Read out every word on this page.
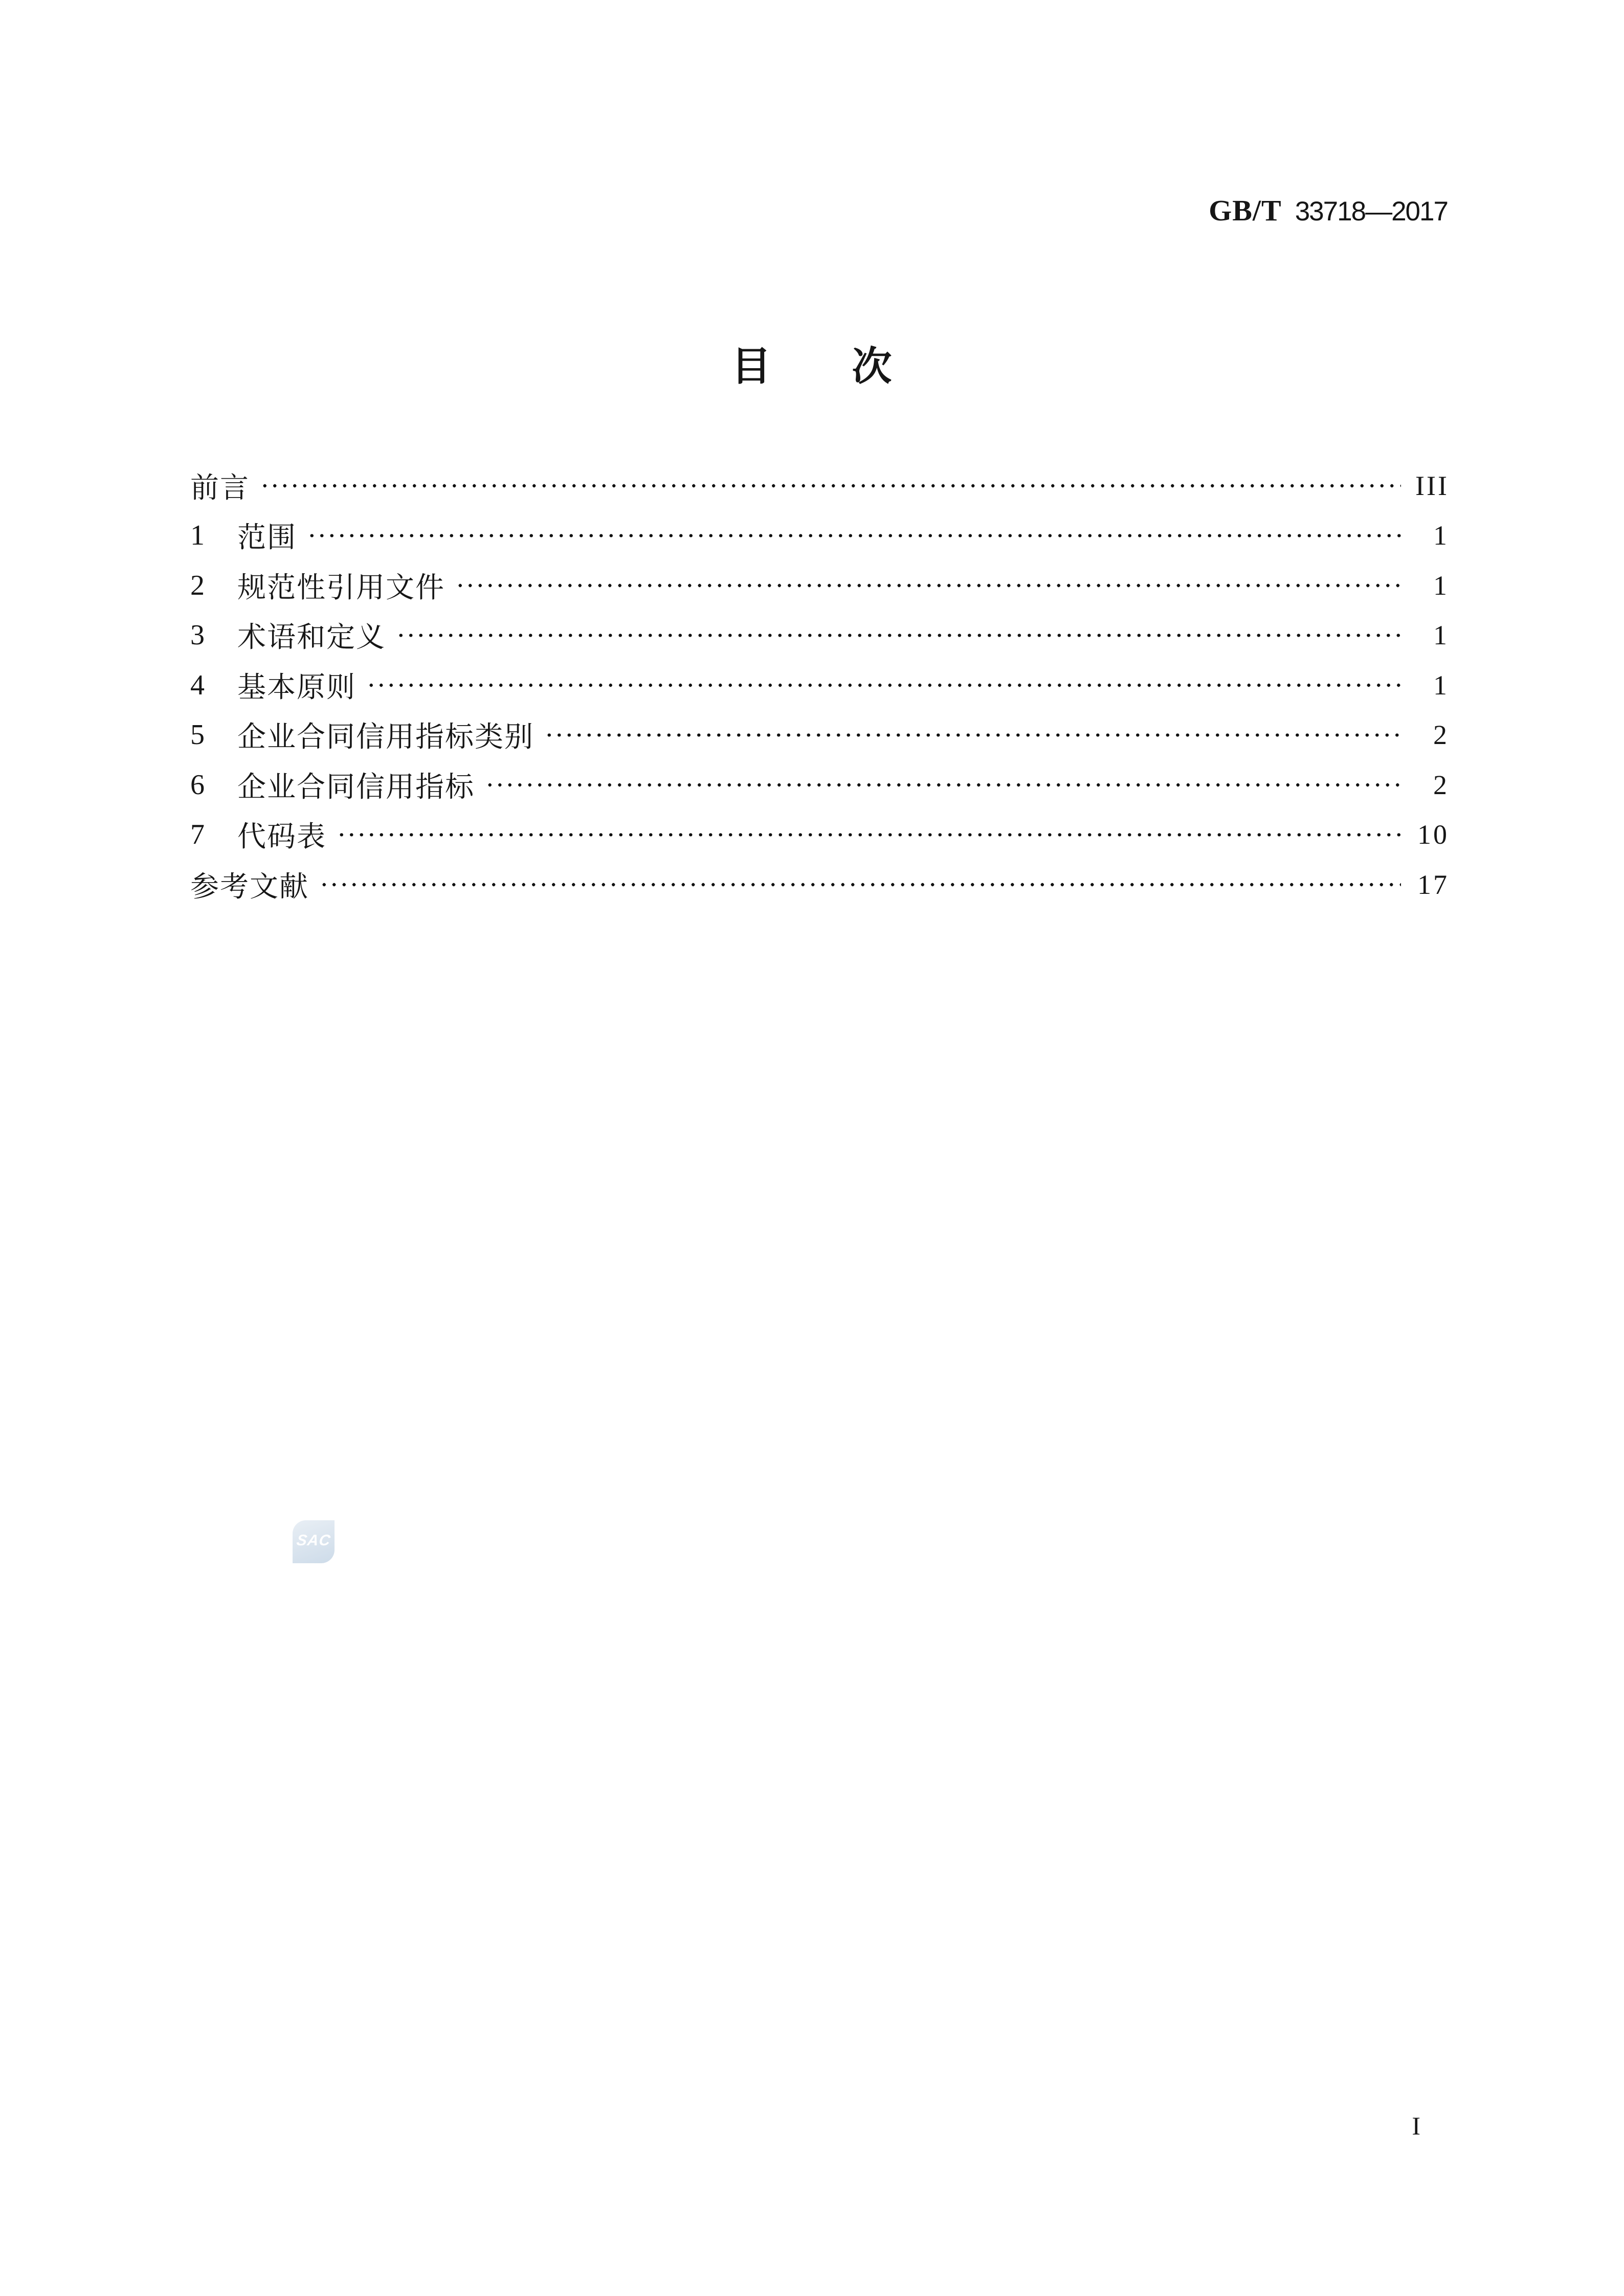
GB/T 33718—2017
目 次
前言	III
1	范围	1
2	规范性引用文件	1
3	术语和定义	1
4	基本原则	1
5	企业合同信用指标类别	2
6	企业合同信用指标	2
7	代码表	10
参考文献	17
SAC
I
